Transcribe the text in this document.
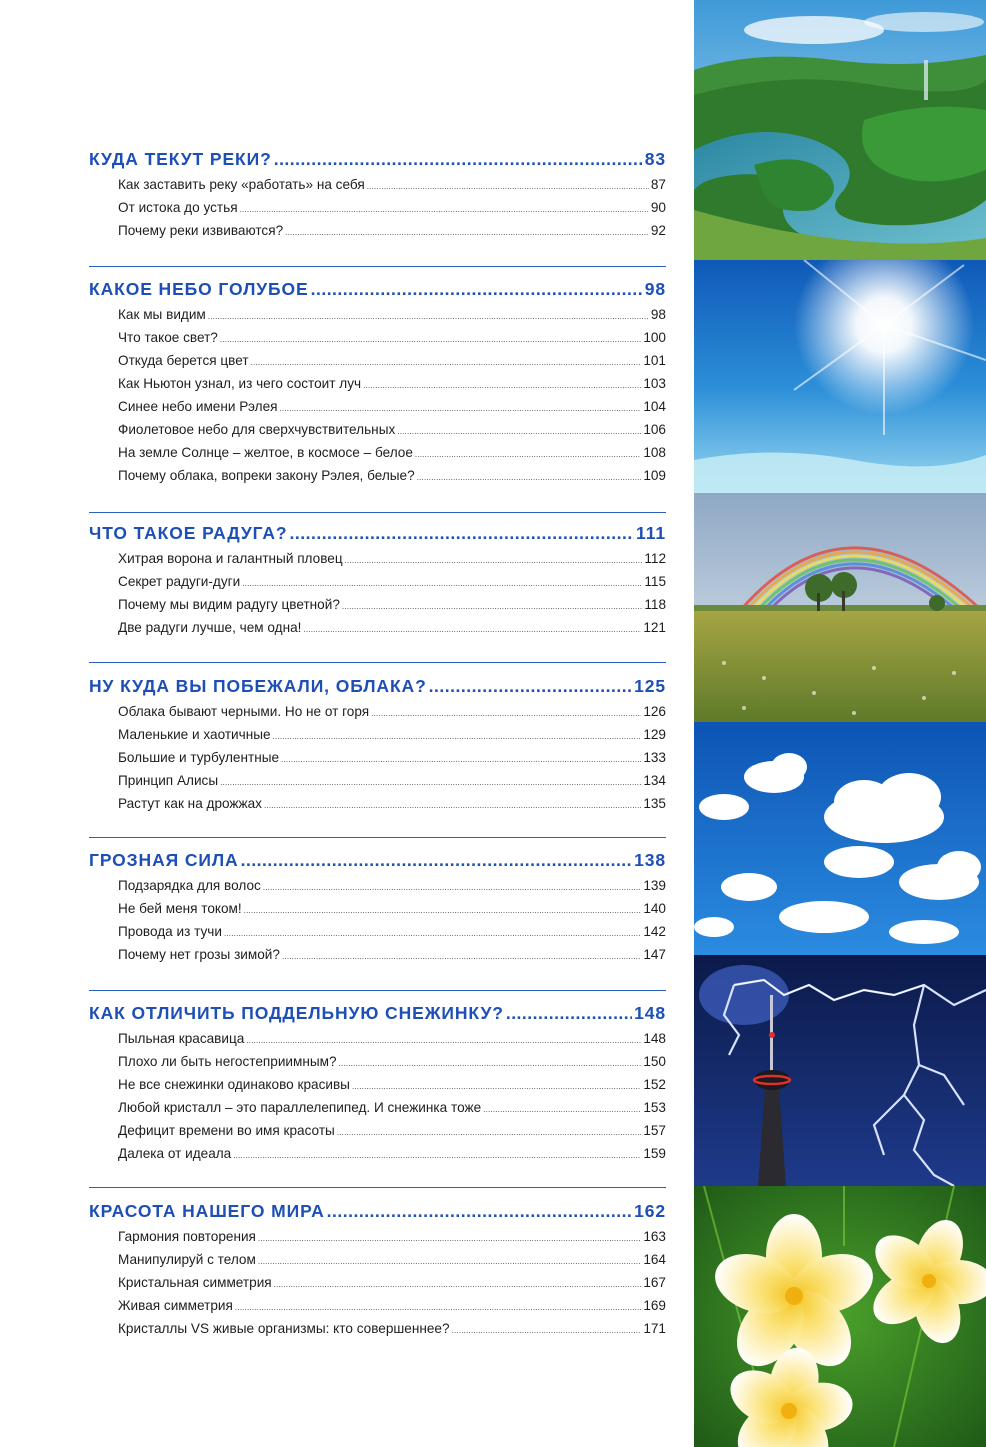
КУДА ТЕКУТ РЕКИ? .....	83
Как заставить реку «работать» на себя .....	87
От истока до устья .....	90
Почему реки извиваются? .....	92
КАКОЕ НЕБО ГОЛУБОЕ .....	98
Как мы видим .....	98
Что такое свет? .....	100
Откуда берется цвет .....	101
Как Ньютон узнал, из чего состоит луч .....	103
Синее небо имени Рэлея .....	104
Фиолетовое небо для сверхчувствительных .....	106
На земле Солнце – желтое, в космосе – белое .....	108
Почему облака, вопреки закону Рэлея, белые? .....	109
ЧТО ТАКОЕ РАДУГА? .....	111
Хитрая ворона и галантный пловец .....	112
Секрет радуги-дуги .....	115
Почему мы видим радугу цветной? .....	118
Две радуги лучше, чем одна! .....	121
НУ КУДА ВЫ ПОБЕЖАЛИ, ОБЛАКА? .....	125
Облака бывают черными. Но не от горя .....	126
Маленькие и хаотичные .....	129
Большие и турбулентные .....	133
Принцип Алисы .....	134
Растут как на дрожжах .....	135
ГРОЗНАЯ СИЛА .....	138
Подзарядка для волос .....	139
Не бей меня током! .....	140
Провода из тучи .....	142
Почему нет грозы зимой? .....	147
КАК ОТЛИЧИТЬ ПОДДЕЛЬНУЮ СНЕЖИНКУ? .....	148
Пыльная красавица .....	148
Плохо ли быть негостеприимным? .....	150
Не все снежинки одинаково красивы .....	152
Любой кристалл – это параллелепипед. И снежинка тоже .....	153
Дефицит времени во имя красоты .....	157
Далека от идеала .....	159
КРАСОТА НАШЕГО МИРА .....	162
Гармония повторения .....	163
Манипулируй с телом .....	164
Кристальная симметрия .....	167
Живая симметрия .....	169
Кристаллы VS живые организмы: кто совершеннее? .....	171
